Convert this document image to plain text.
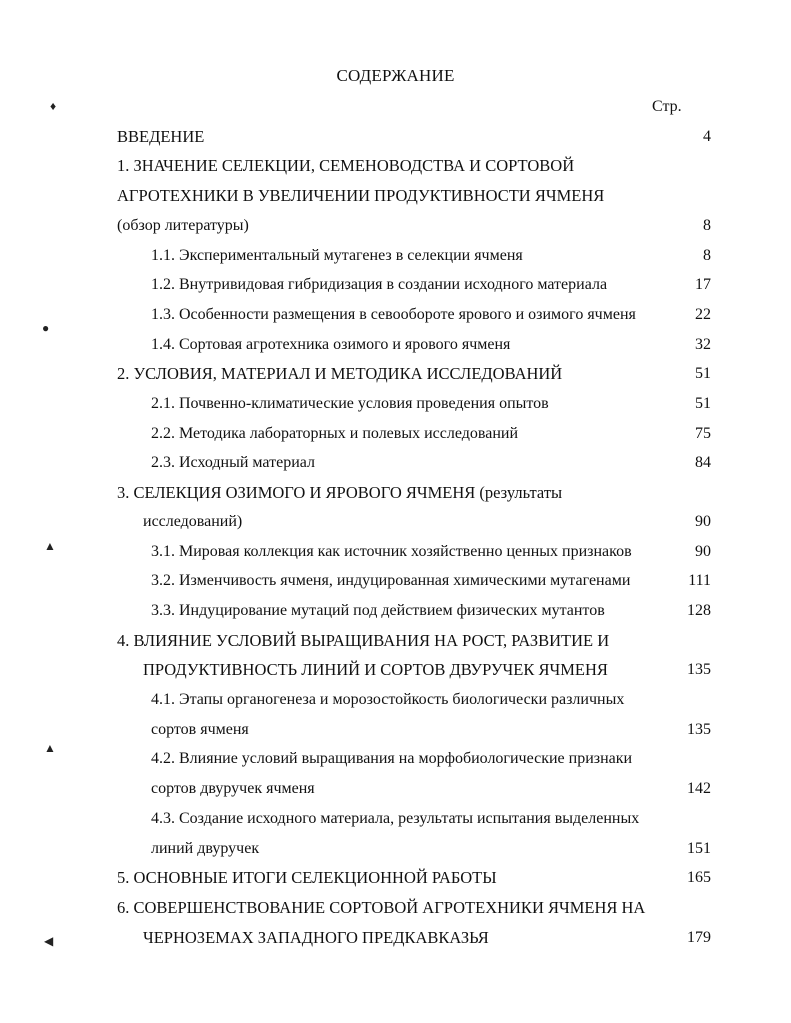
СОДЕРЖАНИЕ
Стр.
♦
●
▲
▲
◀
ВВЕДЕНИЕ	4
1. ЗНАЧЕНИЕ СЕЛЕКЦИИ, СЕМЕНОВОДСТВА И СОРТОВОЙ
АГРОТЕХНИКИ В УВЕЛИЧЕНИИ ПРОДУКТИВНОСТИ ЯЧМЕНЯ
(обзор литературы)	8
1.1. Экспериментальный мутагенез в селекции ячменя	8
1.2. Внутривидовая гибридизация в создании исходного материала	17
1.3. Особенности размещения в севообороте ярового и озимого ячменя	22
1.4. Сортовая агротехника озимого и ярового ячменя	32
2. УСЛОВИЯ, МАТЕРИАЛ И МЕТОДИКА ИССЛЕДОВАНИЙ	51
2.1. Почвенно-климатические условия проведения опытов	51
2.2. Методика лабораторных и полевых исследований	75
2.3. Исходный материал	84
3. СЕЛЕКЦИЯ ОЗИМОГО И ЯРОВОГО ЯЧМЕНЯ (результаты
исследований)	90
3.1. Мировая коллекция как источник хозяйственно ценных признаков	90
3.2. Изменчивость ячменя, индуцированная химическими мутагенами	111
3.3. Индуцирование мутаций под действием физических мутантов	128
4. ВЛИЯНИЕ УСЛОВИЙ ВЫРАЩИВАНИЯ НА РОСТ, РАЗВИТИЕ И
ПРОДУКТИВНОСТЬ ЛИНИЙ И СОРТОВ ДВУРУЧЕК ЯЧМЕНЯ	135
4.1. Этапы органогенеза и морозостойкость биологически различных
сортов ячменя	135
4.2. Влияние условий выращивания на морфобиологические признаки
сортов двуручек ячменя	142
4.3. Создание исходного материала, результаты испытания выделенных
линий двуручек	151
5. ОСНОВНЫЕ ИТОГИ СЕЛЕКЦИОННОЙ РАБОТЫ	165
6. СОВЕРШЕНСТВОВАНИЕ СОРТОВОЙ АГРОТЕХНИКИ ЯЧМЕНЯ НА
ЧЕРНОЗЕМАХ ЗАПАДНОГО ПРЕДКАВКАЗЬЯ	179
